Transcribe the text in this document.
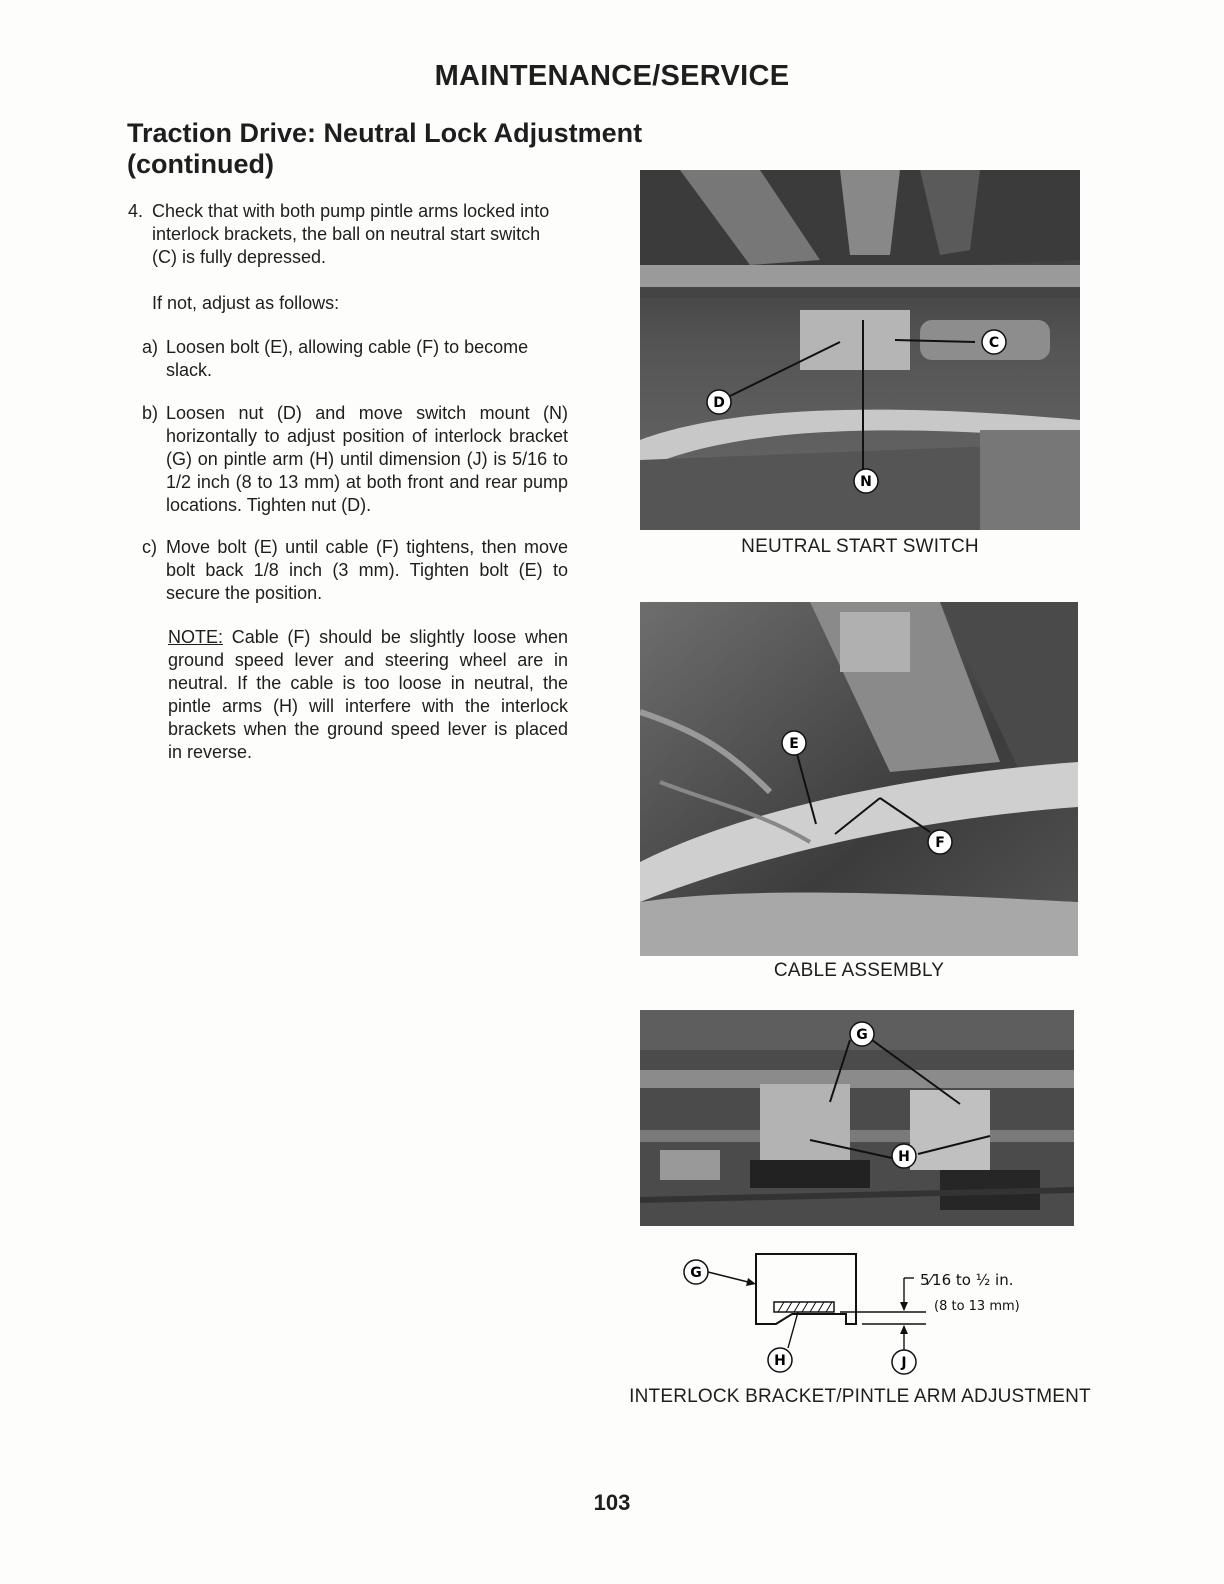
MAINTENANCE/SERVICE
Traction Drive: Neutral Lock Adjustment
(continued)
4. Check that with both pump pintle arms locked into interlock brackets, the ball on neutral start switch (C) is fully depressed.
If not, adjust as follows:
a) Loosen bolt (E), allowing cable (F) to become slack.
b) Loosen nut (D) and move switch mount (N) horizontally to adjust position of interlock bracket (G) on pintle arm (H) until dimension (J) is 5/16 to 1/2 inch (8 to 13 mm) at both front and rear pump locations. Tighten nut (D).
c) Move bolt (E) until cable (F) tightens, then move bolt back 1/8 inch (3 mm). Tighten bolt (E) to secure the position.
NOTE: Cable (F) should be slightly loose when ground speed lever and steering wheel are in neutral. If the cable is too loose in neutral, the pintle arms (H) will interfere with the interlock brackets when the ground speed lever is placed in reverse.
C
D
N
NEUTRAL START SWITCH
E
F
CABLE ASSEMBLY
G
H
G	5⁄16 to ½ in.
(8 to 13 mm)
H	J
INTERLOCK BRACKET/PINTLE ARM ADJUSTMENT
103
